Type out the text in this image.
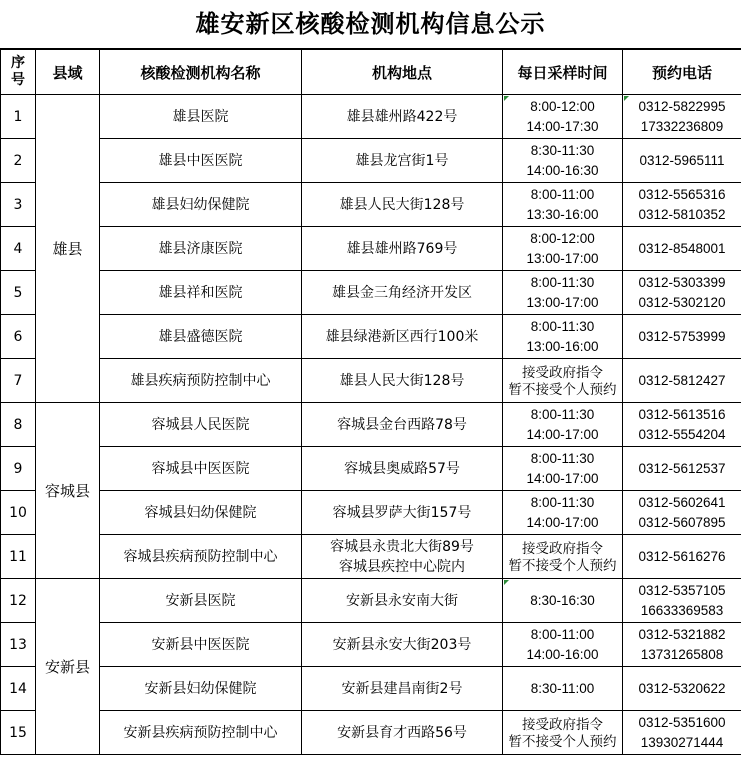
雄安新区核酸检测机构信息公示
序
号	县域	核酸检测机构名称	机构地点	每日采样时间	预约电话
1	雄县	雄县医院	雄县雄州路422号	8:00-12:00
14:00-17:30	0312-5822995
17332236809

2		雄县中医医院	雄县龙宫街1号	8:30-11:30
14:00-16:30	0312-5965111

3		雄县妇幼保健院	雄县人民大街128号	8:00-11:00
13:30-16:00	0312-5565316
0312-5810352

4		雄县济康医院	雄县雄州路769号	8:00-12:00
13:00-17:00	0312-8548001

5		雄县祥和医院	雄县金三角经济开发区	8:00-11:30
13:00-17:00	0312-5303399
0312-5302120

6		雄县盛德医院	雄县绿港新区西行100米	8:00-11:30
13:00-16:00	0312-5753999

7		雄县疾病预防控制中心	雄县人民大街128号	接受政府指令
暂不接受个人预约	0312-5812427

8	容城县	容城县人民医院	容城县金台西路78号	8:00-11:30
14:00-17:00	0312-5613516
0312-5554204

9		容城县中医医院	容城县奥威路57号	8:00-11:30
14:00-17:00	0312-5612537

10		容城县妇幼保健院	容城县罗萨大街157号	8:00-11:30
14:00-17:00	0312-5602641
0312-5607895

11		容城县疾病预防控制中心	容城县永贵北大街89号
容城县疾控中心院内	接受政府指令
暂不接受个人预约	0312-5616276

12	安新县	安新县医院	安新县永安南大街	8:30-16:30	0312-5357105
16633369583

13		安新县中医医院	安新县永安大街203号	8:00-11:00
14:00-16:00	0312-5321882
13731265808

14		安新县妇幼保健院	安新县建昌南街2号	8:30-11:00	0312-5320622

15		安新县疾病预防控制中心	安新县育才西路56号	接受政府指令
暂不接受个人预约	0312-5351600
13930271444
